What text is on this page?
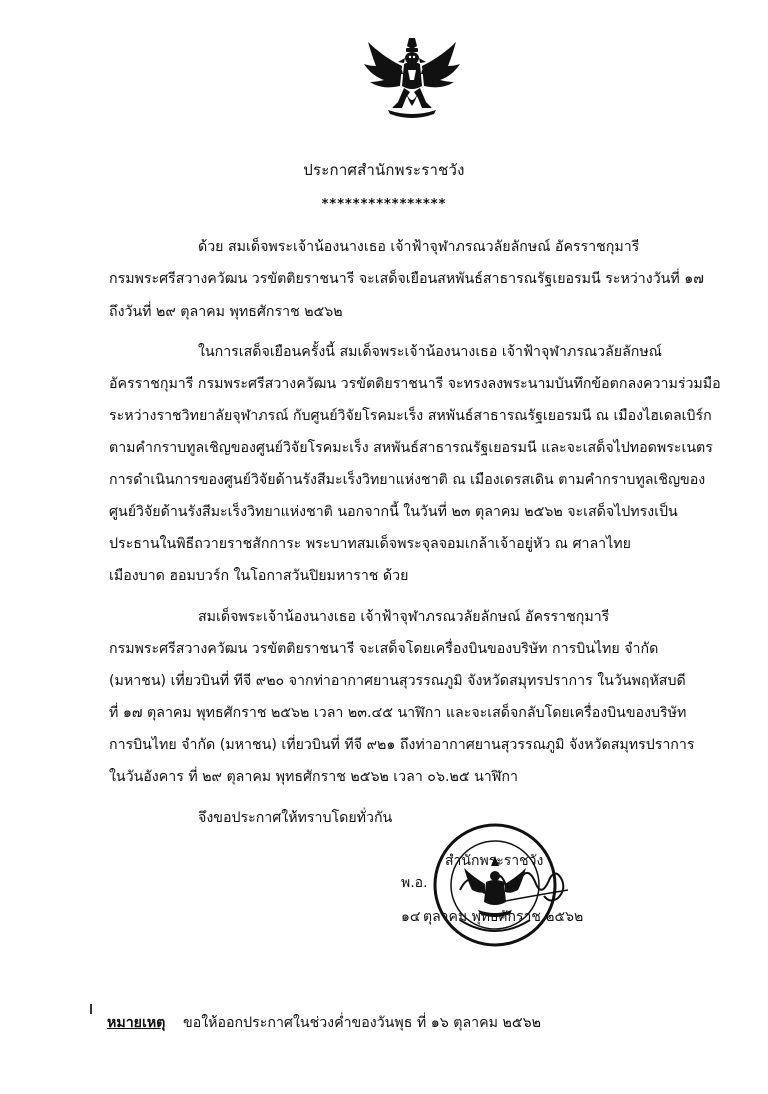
ประกาศสำนักพระราชวัง
****************
ด้วย สมเด็จพระเจ้าน้องนางเธอ เจ้าฟ้าจุฬาภรณวลัยลักษณ์ อัครราชกุมารี
กรมพระศรีสวางควัฒน วรขัตติยราชนารี จะเสด็จเยือนสหพันธ์สาธารณรัฐเยอรมนี ระหว่างวันที่ ๑๗
ถึงวันที่ ๒๙ ตุลาคม พุทธศักราช ๒๕๖๒
ในการเสด็จเยือนครั้งนี้ สมเด็จพระเจ้าน้องนางเธอ เจ้าฟ้าจุฬาภรณวลัยลักษณ์
อัครราชกุมารี กรมพระศรีสวางควัฒน วรขัตติยราชนารี จะทรงลงพระนามบันทึกข้อตกลงความร่วมมือ
ระหว่างราชวิทยาลัยจุฬาภรณ์ กับศูนย์วิจัยโรคมะเร็ง สหพันธ์สาธารณรัฐเยอรมนี ณ เมืองไฮเดลเบิร์ก
ตามคำกราบทูลเชิญของศูนย์วิจัยโรคมะเร็ง สหพันธ์สาธารณรัฐเยอรมนี และจะเสด็จไปทอดพระเนตร
การดำเนินการของศูนย์วิจัยด้านรังสีมะเร็งวิทยาแห่งชาติ ณ เมืองเดรสเดิน ตามคำกราบทูลเชิญของ
ศูนย์วิจัยด้านรังสีมะเร็งวิทยาแห่งชาติ นอกจากนี้ ในวันที่ ๒๓ ตุลาคม ๒๕๖๒ จะเสด็จไปทรงเป็น
ประธานในพิธีถวายราชสักการะ พระบาทสมเด็จพระจุลจอมเกล้าเจ้าอยู่หัว ณ ศาลาไทย
เมืองบาด ฮอมบวร์ก ในโอกาสวันปิยมหาราช ด้วย
สมเด็จพระเจ้าน้องนางเธอ เจ้าฟ้าจุฬาภรณวลัยลักษณ์ อัครราชกุมารี
กรมพระศรีสวางควัฒน วรขัตติยราชนารี จะเสด็จโดยเครื่องบินของบริษัท การบินไทย จำกัด
(มหาชน) เที่ยวบินที่ ทีจี ๙๒๐ จากท่าอากาศยานสุวรรณภูมิ จังหวัดสมุทรปราการ ในวันพฤหัสบดี
ที่ ๑๗ ตุลาคม พุทธศักราช ๒๕๖๒ เวลา ๒๓.๔๕ นาฬิกา และจะเสด็จกลับโดยเครื่องบินของบริษัท
การบินไทย จำกัด (มหาชน) เที่ยวบินที่ ทีจี ๙๒๑ ถึงท่าอากาศยานสุวรรณภูมิ จังหวัดสมุทรปราการ
ในวันอังคาร ที่ ๒๙ ตุลาคม พุทธศักราช ๒๕๖๒ เวลา ๐๖.๒๕ นาฬิกา
จึงขอประกาศให้ทราบโดยทั่วกัน
สำนักพระราชวัง
พ.อ.
๑๔ ตุลาคม พุทธศักราช ๒๕๖๒
หมายเหตุ ขอให้ออกประกาศในช่วงค่ำของวันพุธ ที่ ๑๖ ตุลาคม ๒๕๖๒
